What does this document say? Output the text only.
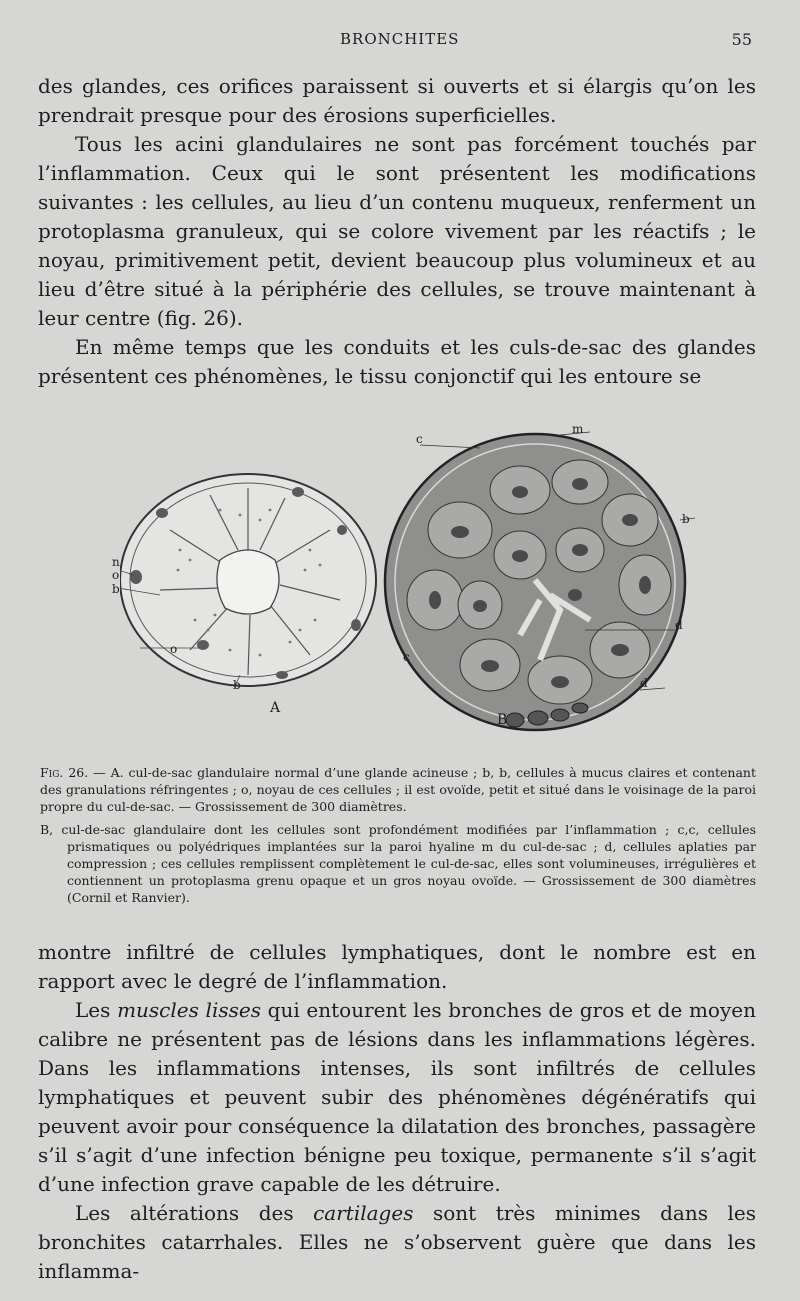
BRONCHITES	55

des glandes, ces orifices paraissent si ouverts et si élargis qu’on les prendrait presque pour des érosions superficielles.

Tous les acini glandulaires ne sont pas forcément touchés par l’inflammation. Ceux qui le sont présentent les modifications suivantes : les cellules, au lieu d’un contenu muqueux, renferment un protoplasma granuleux, qui se colore vivement par les réactifs ; le noyau, primitivement petit, devient beaucoup plus volumineux et au lieu d’être situé à la périphérie des cellules, se trouve maintenant à leur centre (fig. 26).

En même temps que les conduits et les culs-de-sac des glandes présentent ces phénomènes, le tissu conjonctif qui les entoure se

A
B
n
o
b
o
b
c
m
b
d
c
d

Fig. 26. — A. cul-de-sac glandulaire normal d’une glande acineuse ; b, b, cellules à mucus claires et contenant des granulations réfringentes ; o, noyau de ces cellules ; il est ovoïde, petit et situé dans le voisinage de la paroi propre du cul-de-sac. — Grossissement de 300 diamètres.

B, cul-de-sac glandulaire dont les cellules sont profondément modifiées par l’inflammation ; c,c, cellules prismatiques ou polyédriques implantées sur la paroi hyaline m du cul-de-sac ; d, cellules aplaties par compression ; ces cellules remplissent complètement le cul-de-sac, elles sont volumineuses, irrégulières et contiennent un protoplasma grenu opaque et un gros noyau ovoïde. — Grossissement de 300 diamètres (Cornil et Ranvier).

montre infiltré de cellules lymphatiques, dont le nombre est en rapport avec le degré de l’inflammation.

Les muscles lisses qui entourent les bronches de gros et de moyen calibre ne présentent pas de lésions dans les inflammations légères. Dans les inflammations intenses, ils sont infiltrés de cellules lymphatiques et peuvent subir des phénomènes dégénératifs qui peuvent avoir pour conséquence la dilatation des bronches, passagère s’il s’agit d’une infection bénigne peu toxique, permanente s’il s’agit d’une infection grave capable de les détruire.

Les altérations des cartilages sont très minimes dans les bronchites catarrhales. Elles ne s’observent guère que dans les inflamma-
